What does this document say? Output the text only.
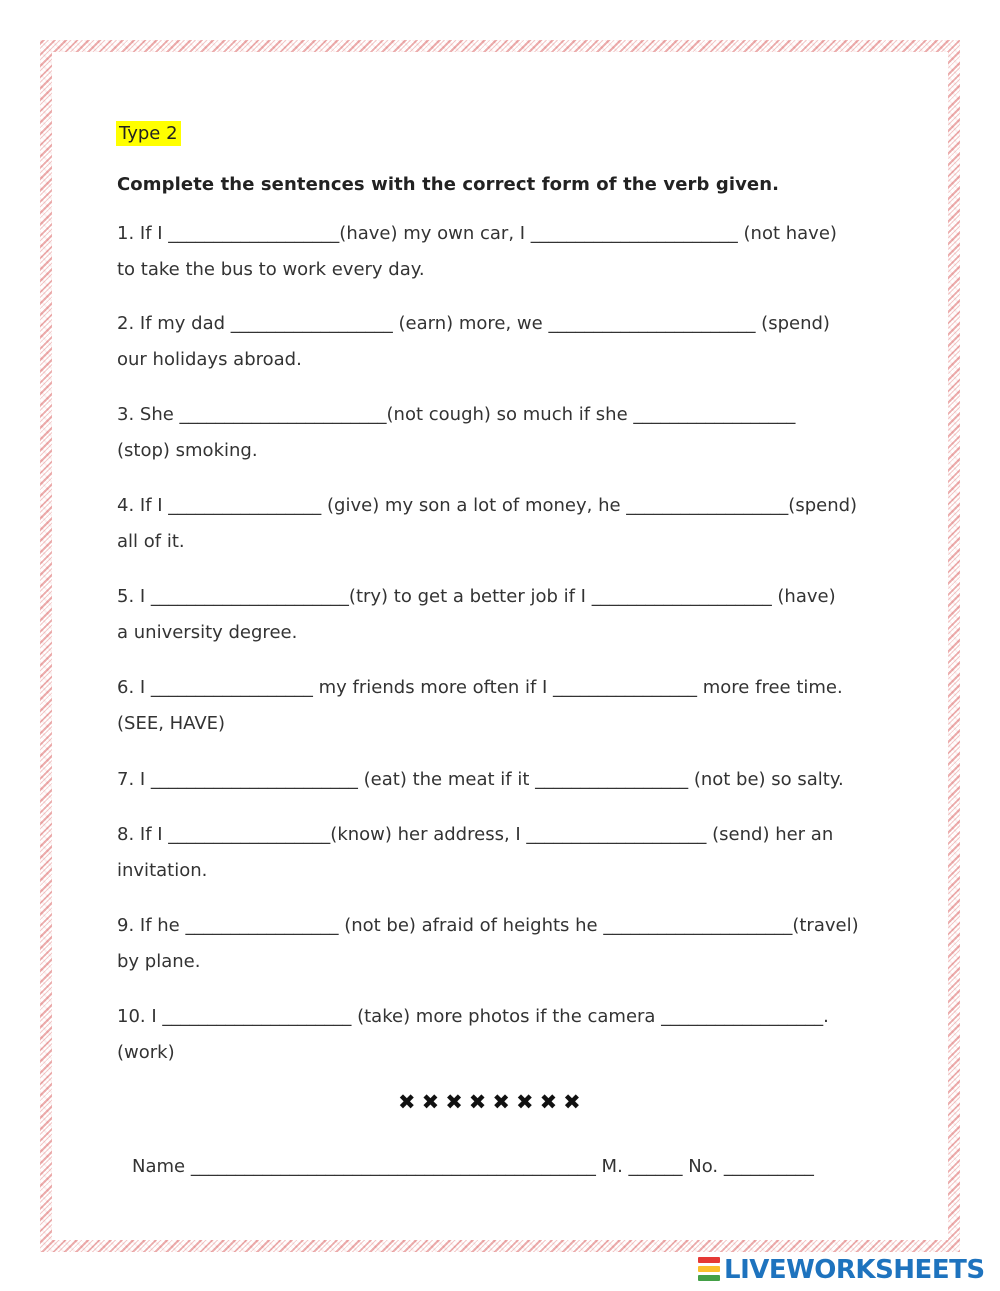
Type 2
Complete the sentences with the correct form of the verb given.
1. If I ___________________(have) my own car, I _______________________ (not have)
to take the bus to work every day.
2. If my dad __________________ (earn) more, we _______________________ (spend)
our holidays abroad.
3. She _______________________(not cough) so much if she __________________
(stop) smoking.
4. If I _________________ (give) my son a lot of money, he __________________(spend)
all of it.
5. I ______________________(try) to get a better job if I ____________________ (have)
a university degree.
6. I __________________ my friends more often if I ________________ more free time.
(SEE, HAVE)
7. I _______________________ (eat) the meat if it _________________ (not be) so salty.
8. If I __________________(know) her address, I ____________________ (send) her an
invitation.
9. If he _________________ (not be) afraid of heights he _____________________(travel)
by plane.
10. I _____________________ (take) more photos if the camera __________________.
(work)
✖✖✖✖✖✖✖✖
Name _____________________________________________ M. ______ No. __________
LIVEWORKSHEETS
